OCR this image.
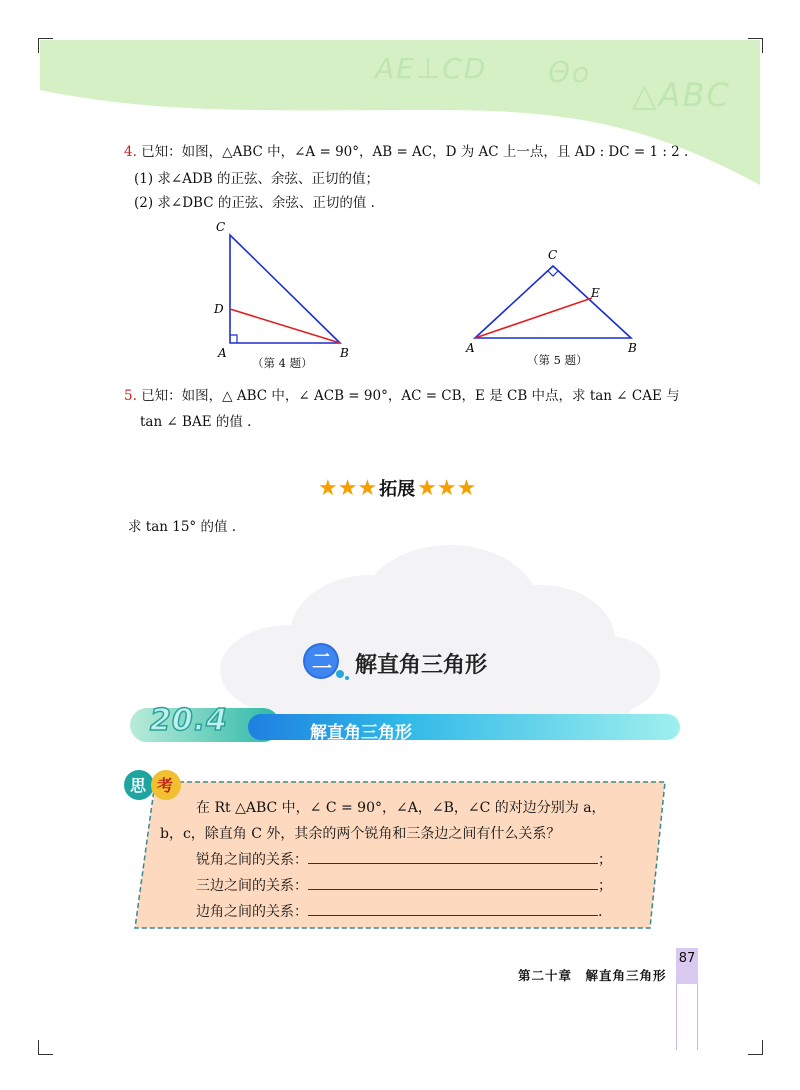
AE⊥CD Θo
△ABC
4. 已知：如图，△ABC 中，∠A = 90°，AB = AC，D 为 AC 上一点，且 AD : DC = 1 : 2 .
(1) 求∠ADB 的正弦、余弦、正切的值；
(2) 求∠DBC 的正弦、余弦、正切的值 .
C
D
A	B
（第 4 题）
C
E
A	B
（第 5 题）
5. 已知：如图，△ ABC 中，∠ ACB = 90°，AC = CB，E 是 CB 中点，求 tan ∠ CAE 与
tan ∠ BAE 的值 .
★★★ 拓展 ★★★
求 tan 15° 的值 .
二 解直角三角形
20.4	解直角三角形
思 考
在 Rt △ABC 中，∠ C = 90°，∠A，∠B，∠C 的对边分别为 a，
b，c，除直角 C 外，其余的两个锐角和三条边之间有什么关系？
锐角之间的关系：	；
三边之间的关系：	；
边角之间的关系：	.
第二十章　解直角三角形
87
